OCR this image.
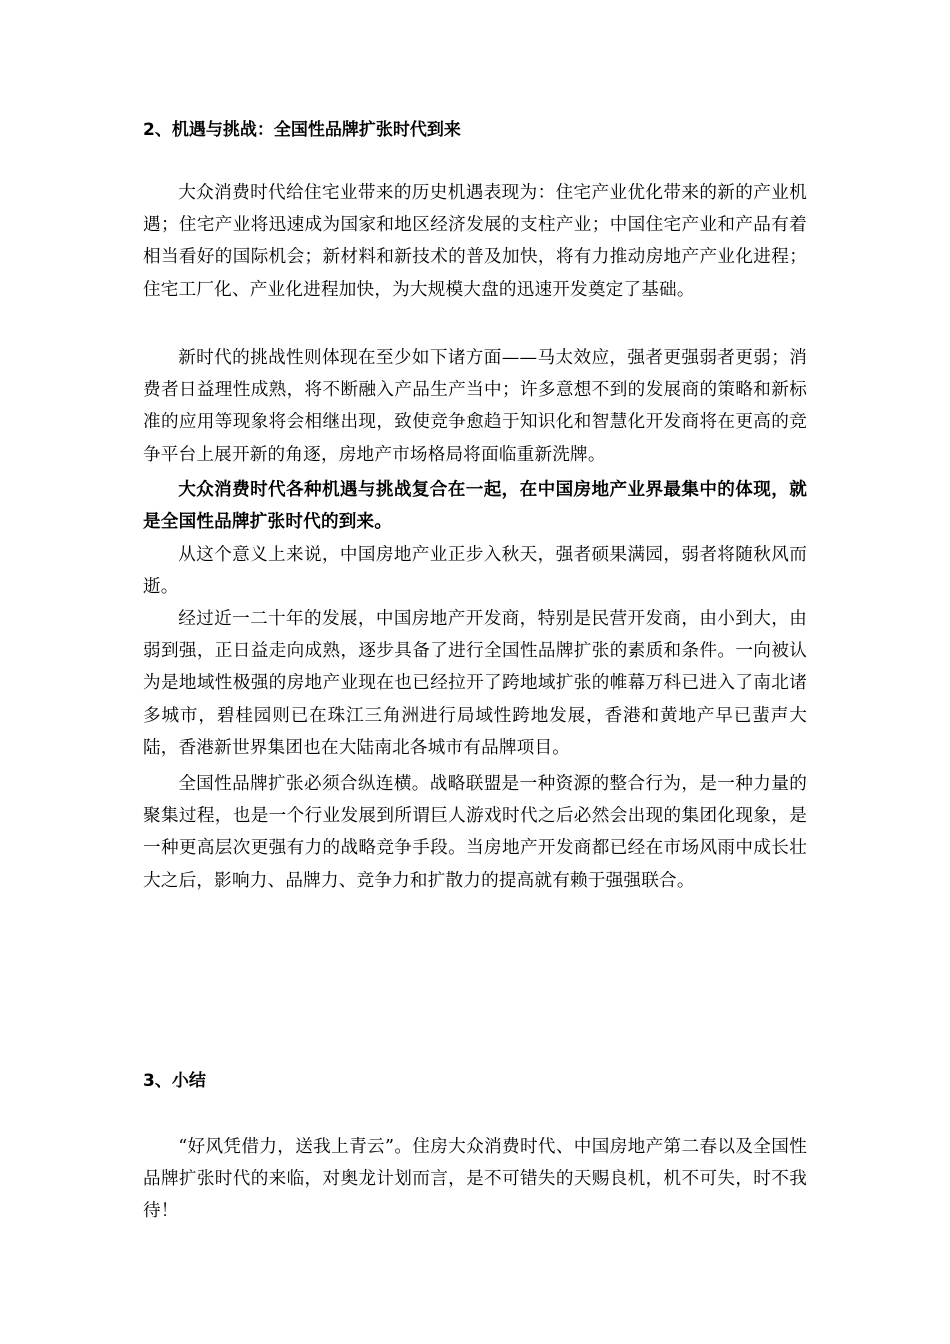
2、机遇与挑战：全国性品牌扩张时代到来

大众消费时代给住宅业带来的历史机遇表现为：住宅产业优化带来的新的产业机遇；住宅产业将迅速成为国家和地区经济发展的支柱产业；中国住宅产业和产品有着相当看好的国际机会；新材料和新技术的普及加快，将有力推动房地产产业化进程；住宅工厂化、产业化进程加快，为大规模大盘的迅速开发奠定了基础。

新时代的挑战性则体现在至少如下诸方面——马太效应，强者更强弱者更弱；消费者日益理性成熟，将不断融入产品生产当中；许多意想不到的发展商的策略和新标准的应用等现象将会相继出现，致使竞争愈趋于知识化和智慧化开发商将在更高的竞争平台上展开新的角逐，房地产市场格局将面临重新洗牌。

大众消费时代各种机遇与挑战复合在一起，在中国房地产业界最集中的体现，就是全国性品牌扩张时代的到来。

从这个意义上来说，中国房地产业正步入秋天，强者硕果满园，弱者将随秋风而逝。

经过近一二十年的发展，中国房地产开发商，特别是民营开发商，由小到大，由弱到强，正日益走向成熟，逐步具备了进行全国性品牌扩张的素质和条件。一向被认为是地域性极强的房地产业现在也已经拉开了跨地域扩张的帷幕万科已进入了南北诸多城市，碧桂园则已在珠江三角洲进行局域性跨地发展，香港和黄地产早已蜚声大陆，香港新世界集团也在大陆南北各城市有品牌项目。

全国性品牌扩张必须合纵连横。战略联盟是一种资源的整合行为，是一种力量的聚集过程，也是一个行业发展到所谓巨人游戏时代之后必然会出现的集团化现象，是一种更高层次更强有力的战略竞争手段。当房地产开发商都已经在市场风雨中成长壮大之后，影响力、品牌力、竞争力和扩散力的提高就有赖于强强联合。

3、小结

“好风凭借力，送我上青云”。住房大众消费时代、中国房地产第二春以及全国性品牌扩张时代的来临，对奥龙计划而言，是不可错失的天赐良机，机不可失，时不我待！
